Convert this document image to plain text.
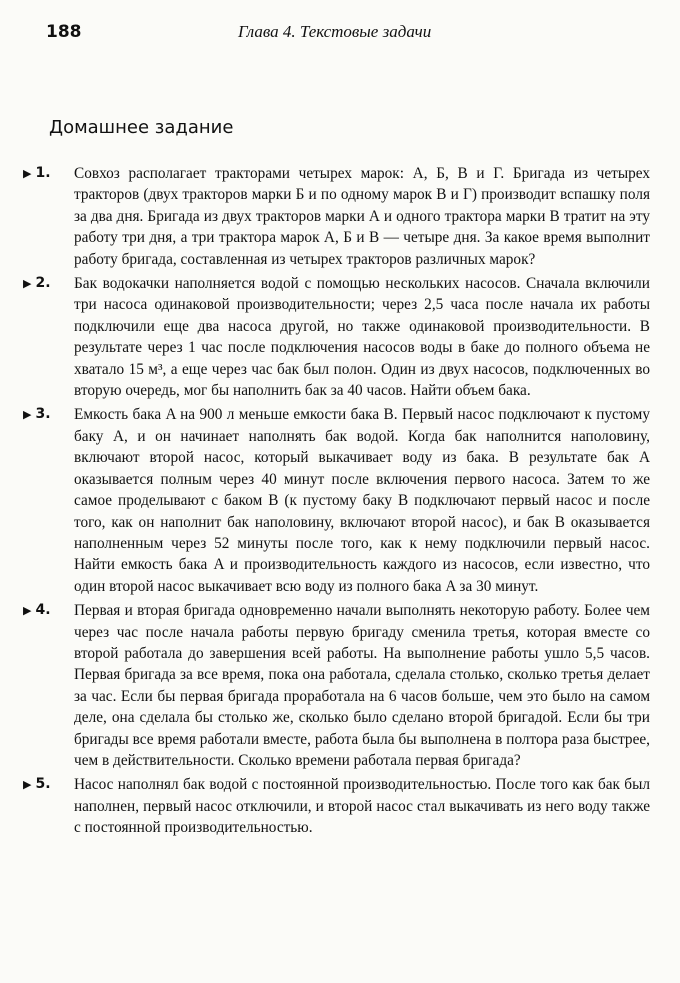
188	Глава 4. Текстовые задачи
Домашнее задание
▶ 1. Совхоз располагает тракторами четырех марок: А, Б, В и Г. Бригада из четырех тракторов (двух тракторов марки Б и по одному марок В и Г) производит вспашку поля за два дня. Бригада из двух тракторов марки А и одного трактора марки В тратит на эту работу три дня, а три трактора марок А, Б и В — четыре дня. За какое время выполнит работу бригада, составленная из четырех тракторов различных марок?
▶ 2. Бак водокачки наполняется водой с помощью нескольких насосов. Сначала включили три насоса одинаковой производительности; через 2,5 часа после начала их работы подключили еще два насоса другой, но также одинаковой производительности. В результате через 1 час после подключения насосов воды в баке до полного объема не хватало 15 м³, а еще через час бак был полон. Один из двух насосов, подключенных во вторую очередь, мог бы наполнить бак за 40 часов. Найти объем бака.
▶ 3. Емкость бака A на 900 л меньше емкости бака B. Первый насос подключают к пустому баку A, и он начинает наполнять бак водой. Когда бак наполнится наполовину, включают второй насос, который выкачивает воду из бака. В результате бак A оказывается полным через 40 минут после включения первого насоса. Затем то же самое проделывают с баком B (к пустому баку B подключают первый насос и после того, как он наполнит бак наполовину, включают второй насос), и бак B оказывается наполненным через 52 минуты после того, как к нему подключили первый насос. Найти емкость бака A и производительность каждого из насосов, если известно, что один второй насос выкачивает всю воду из полного бака A за 30 минут.
▶ 4. Первая и вторая бригада одновременно начали выполнять некоторую работу. Более чем через час после начала работы первую бригаду сменила третья, которая вместе со второй работала до завершения всей работы. На выполнение работы ушло 5,5 часов. Первая бригада за все время, пока она работала, сделала столько, сколько третья делает за час. Если бы первая бригада проработала на 6 часов больше, чем это было на самом деле, она сделала бы столько же, сколько было сделано второй бригадой. Если бы три бригады все время работали вместе, работа была бы выполнена в полтора раза быстрее, чем в действительности. Сколько времени работала первая бригада?
▶ 5. Насос наполнял бак водой с постоянной производительностью. После того как бак был наполнен, первый насос отключили, и второй насос стал выкачивать из него воду также с постоянной производительностью.
